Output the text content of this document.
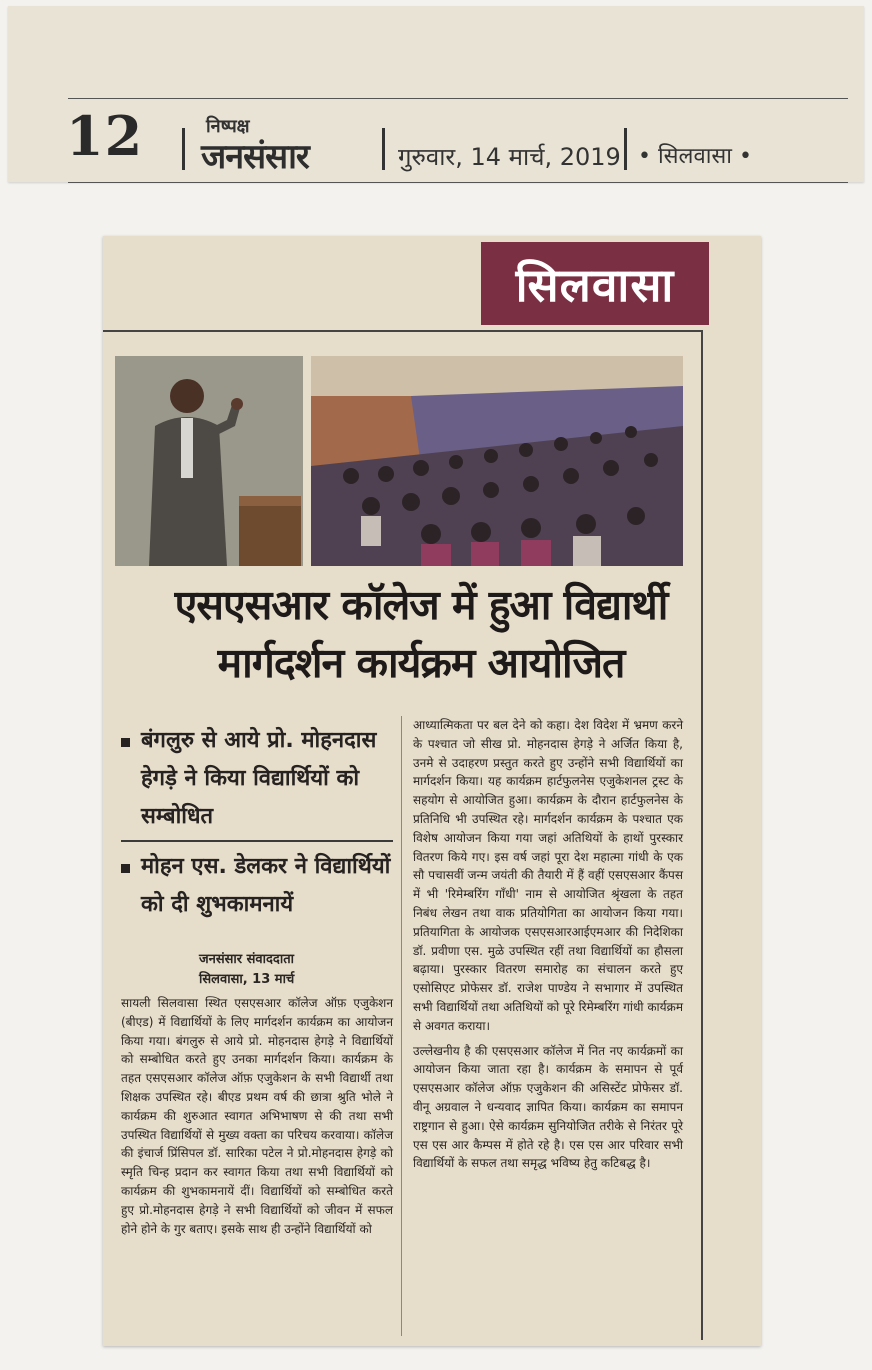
12	निष्पक्ष
जनसंसार	गुरुवार, 14 मार्च, 2019 • सिलवासा •
सिलवासा
एसएसआर कॉलेज में हुआ विद्यार्थी
मार्गदर्शन कार्यक्रम आयोजित
बंगलुरु से आये प्रो. मोहनदास हेगड़े ने किया विद्यार्थियों को सम्बोधित
मोहन एस. डेलकर ने विद्यार्थियों को दी शुभकामनायें
जनसंसार संवाददाता
सिलवासा, 13 मार्च
सायली सिलवासा स्थित एसएसआर कॉलेज ऑफ़ एजुकेशन (बीएड) में विद्यार्थियों के लिए मार्गदर्शन कार्यक्रम का आयोजन किया गया। बंगलुरु से आये प्रो. मोहनदास हेगड़े ने विद्यार्थियों को सम्बोधित करते हुए उनका मार्गदर्शन किया। कार्यक्रम के तहत एसएसआर कॉलेज ऑफ़ एजुकेशन के सभी विद्यार्थी तथा शिक्षक उपस्थित रहे। बीएड प्रथम वर्ष की छात्रा श्रुति भोले ने कार्यक्रम की शुरुआत स्वागत अभिभाषण से की तथा सभी उपस्थित विद्यार्थियों से मुख्य वक्ता का परिचय करवाया। कॉलेज की इंचार्ज प्रिंसिपल डॉ. सारिका पटेल ने प्रो.मोहनदास हेगड़े को स्मृति चिन्ह प्रदान कर स्वागत किया तथा सभी विद्यार्थियों को कार्यक्रम की शुभकामनायें दीं। विद्यार्थियों को सम्बोधित करते हुए प्रो.मोहनदास हेगड़े ने सभी विद्यार्थियों को जीवन में सफल होने होने के गुर बताए। इसके साथ ही उन्होंने विद्यार्थियों को

आध्यात्मिकता पर बल देने को कहा। देश विदेश में भ्रमण करने के पश्चात जो सीख प्रो. मोहनदास हेगड़े ने अर्जित किया है, उनमे से उदाहरण प्रस्तुत करते हुए उन्होंने सभी विद्यार्थियों का मार्गदर्शन किया। यह कार्यक्रम हार्टफुलनेस एजुकेशनल ट्रस्ट के सहयोग से आयोजित हुआ। कार्यक्रम के दौरान हार्टफुलनेस के प्रतिनिधि भी उपस्थित रहे। मार्गदर्शन कार्यक्रम के पश्चात एक विशेष आयोजन किया गया जहां अतिथियों के हाथों पुरस्कार वितरण किये गए। इस वर्ष जहां पूरा देश महात्मा गांधी के एक सौ पचासवीं जन्म जयंती की तैयारी में हैं वहीं एसएसआर कैंपस में भी 'रिमेम्बरिंग गाँधी' नाम से आयोजित श्रृंखला के तहत निबंध लेखन तथा वाक प्रतियोगिता का आयोजन किया गया। प्रतियागिता के आयोजक एसएसआरआईएमआर की निदेशिका डॉ. प्रवीणा एस. मुळे उपस्थित रहीं तथा विद्यार्थियों का हौसला बढ़ाया। पुरस्कार वितरण समारोह का संचालन करते हुए एसोसिएट प्रोफेसर डॉ. राजेश पाण्डेय ने सभागार में उपस्थित सभी विद्यार्थियों तथा अतिथियों को पूरे रिमेम्बरिंग गांधी कार्यक्रम से अवगत कराया।

उल्लेखनीय है की एसएसआर कॉलेज में नित नए कार्यक्रमों का आयोजन किया जाता रहा है। कार्यक्रम के समापन से पूर्व एसएसआर कॉलेज ऑफ़ एजुकेशन की असिस्टेंट प्रोफेसर डॉ. वीनू अग्रवाल ने धन्यवाद ज्ञापित किया। कार्यक्रम का समापन राष्ट्रगान से हुआ। ऐसे कार्यक्रम सुनियोजित तरीके से निरंतर पूरे एस एस आर कैम्पस में होते रहे है। एस एस आर परिवार सभी विद्यार्थियों के सफल तथा समृद्ध भविष्य हेतु कटिबद्ध है।
